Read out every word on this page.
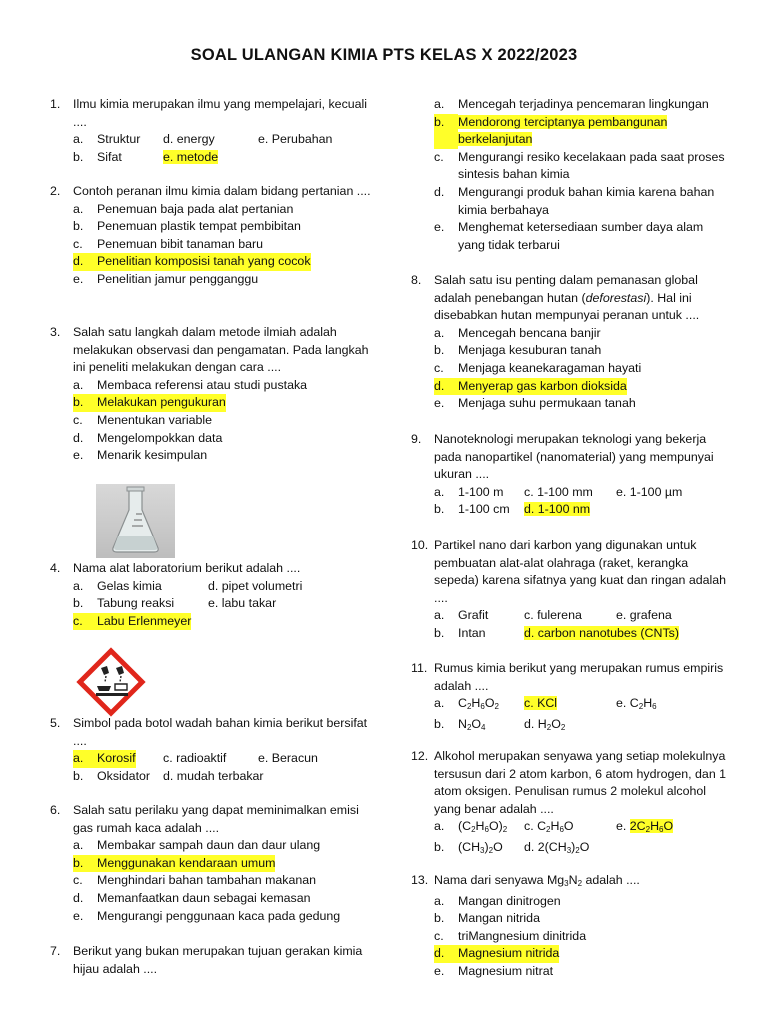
SOAL ULANGAN KIMIA PTS KELAS X 2022/2023
1.	Ilmu kimia merupakan ilmu yang mempelajari, kecuali ....
a.	Struktur d. energy	e. Perubahan
b.	Sifat	e. metode
2.	Contoh peranan ilmu kimia dalam bidang pertanian ....
a.	Penemuan baja pada alat pertanian
b.	Penemuan plastik tempat pembibitan
c.	Penemuan bibit tanaman baru
d.	Penelitian komposisi tanah yang cocok
e.	Penelitian jamur pengganggu
3.	Salah satu langkah dalam metode ilmiah adalah melakukan observasi dan pengamatan. Pada langkah ini peneliti melakukan dengan cara ....
a.	Membaca referensi atau studi pustaka
b.	Melakukan pengukuran
c.	Menentukan variable
d.	Mengelompokkan data
e.	Menarik kesimpulan
4.	Nama alat laboratorium berikut adalah ....
a.	Gelas kimia	d. pipet volumetri
b.	Tabung reaksi	e. labu takar
c.	Labu Erlenmeyer
5.	Simbol pada botol wadah bahan kimia berikut bersifat ....
a.	Korosif c. radioaktif	e. Beracun
b.	Oksidator d. mudah terbakar
6.	Salah satu perilaku yang dapat meminimalkan emisi gas rumah kaca adalah ....
a.	Membakar sampah daun dan daur ulang
b.	Menggunakan kendaraan umum
c.	Menghindari bahan tambahan makanan
d.	Memanfaatkan daun sebagai kemasan
e.	Mengurangi penggunaan kaca pada gedung
7.	Berikut yang bukan merupakan tujuan gerakan kimia hijau adalah ....
a.	Mencegah terjadinya pencemaran lingkungan
b.	Mendorong terciptanya pembangunan
berkelanjutan
c.	Mengurangi resiko kecelakaan pada saat proses sintesis bahan kimia
d.	Mengurangi produk bahan kimia karena bahan kimia berbahaya
e.	Menghemat ketersediaan sumber daya alam yang tidak terbarui
8.	Salah satu isu penting dalam pemanasan global adalah penebangan hutan (deforestasi). Hal ini disebabkan hutan mempunyai peranan untuk ....
a.	Mencegah bencana banjir
b.	Menjaga kesuburan tanah
c.	Menjaga keanekaragaman hayati
d.	Menyerap gas karbon dioksida
e.	Menjaga suhu permukaan tanah
9.	Nanoteknologi merupakan teknologi yang bekerja pada nanopartikel (nanomaterial) yang mempunyai ukuran ....
a.	1-100 m c. 1-100 mm	e. 1-100 µm
b.	1-100 cm d. 1-100 nm
10. Partikel nano dari karbon yang digunakan untuk pembuatan alat-alat olahraga (raket, kerangka sepeda) karena sifatnya yang kuat dan ringan adalah ....
a.	Grafit	c. fulerena	e. grafena
b.	Intan	d. carbon nanotubes (CNTs)
11. Rumus kimia berikut yang merupakan rumus empiris adalah ....
a.	$C_2H_6O_2$ c. KCl	e. $C_2H_6$
b.	$N_2O_4$	d. $H_2O_2$
12. Alkohol merupakan senyawa yang setiap molekulnya tersusun dari 2 atom karbon, 6 atom hydrogen, dan 1 atom oksigen. Penulisan rumus 2 molekul alcohol yang benar adalah ....
a.	$(C_2H_6O)_2$ c. $C_2H_6O$	e. $2C_2H_6O$
b.	$(CH_3)_2O$ d. $2(CH_3)_2O$
13. Nama dari senyawa $Mg_3N_2$ adalah ....
a.	Mangan dinitrogen
b.	Mangan nitrida
c.	triMangnesium dinitrida
d.	Magnesium nitrida
e.	Magnesium nitrat
